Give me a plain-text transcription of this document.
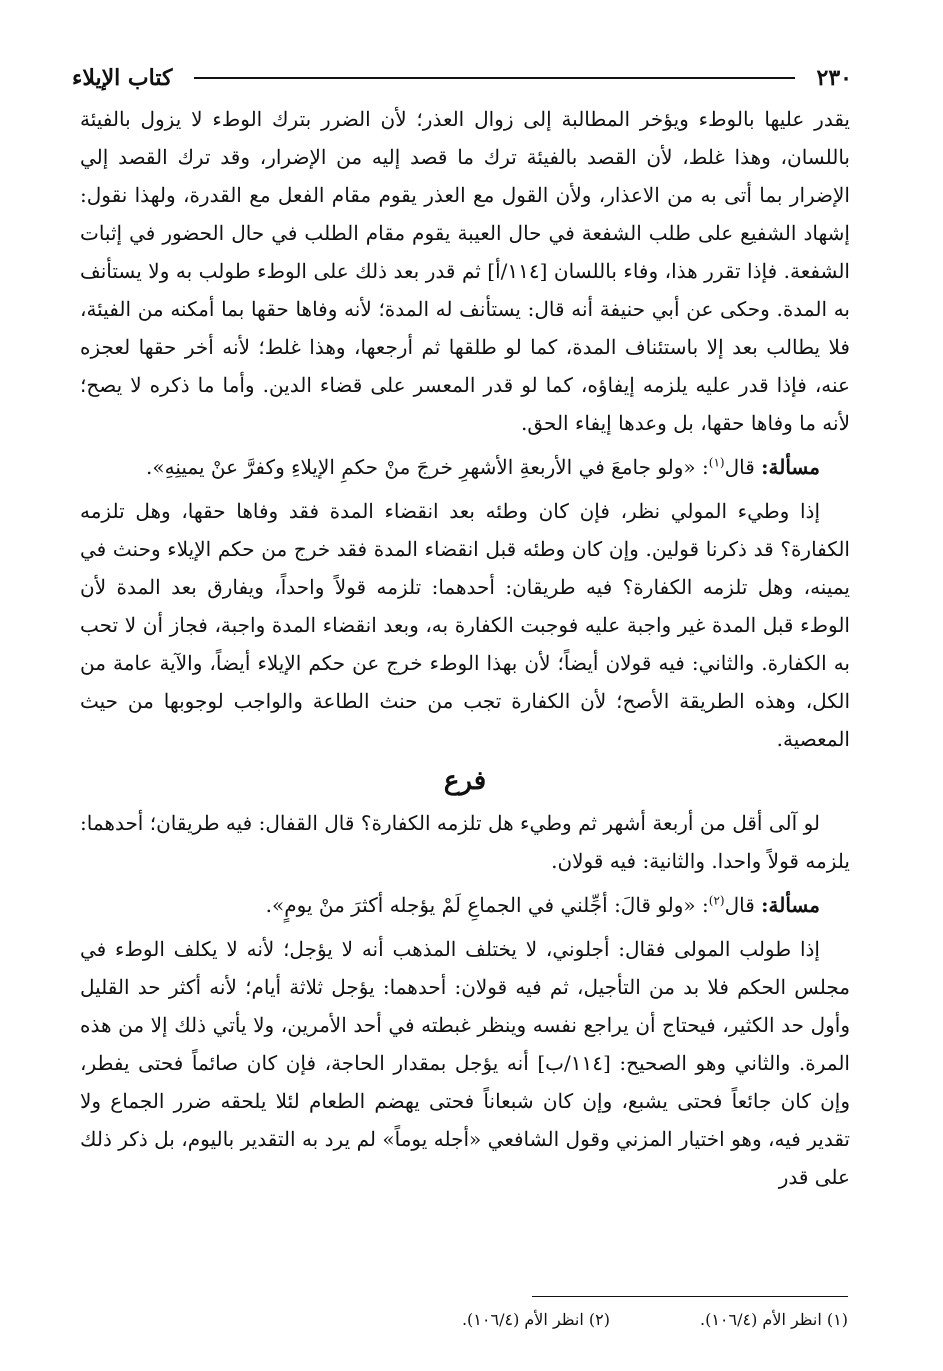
٢٣٠
كتاب الإيلاء

يقدر عليها بالوطء ويؤخر المطالبة إلى زوال العذر؛ لأن الضرر بترك الوطء لا يزول بالفيئة باللسان، وهذا غلط، لأن القصد بالفيئة ترك ما قصد إليه من الإضرار، وقد ترك القصد إلي الإضرار بما أتى به من الاعذار، ولأن القول مع العذر يقوم مقام الفعل مع القدرة، ولهذا نقول: إشهاد الشفيع على طلب الشفعة في حال العيبة يقوم مقام الطلب في حال الحضور في إثبات الشفعة. فإذا تقرر هذا، وفاء باللسان [١١٤/أ] ثم قدر بعد ذلك على الوطء طولب به ولا يستأنف به المدة. وحكى عن أبي حنيفة أنه قال: يستأنف له المدة؛ لأنه وفاها حقها بما أمكنه من الفيئة، فلا يطالب بعد إلا باستئناف المدة، كما لو طلقها ثم أرجعها، وهذا غلط؛ لأنه أخر حقها لعجزه عنه، فإذا قدر عليه يلزمه إيفاؤه، كما لو قدر المعسر على قضاء الدين. وأما ما ذكره لا يصح؛ لأنه ما وفاها حقها، بل وعدها إيفاء الحق.

مسألة: قال$^{(١)}$: «ولو جامعَ في الأربعةِ الأشهرِ خرجَ منْ حكمِ الإيلاءِ وكفرَّ عنْ يمينِهِ».

إذا وطيء المولي نظر، فإن كان وطئه بعد انقضاء المدة فقد وفاها حقها، وهل تلزمه الكفارة؟ قد ذكرنا قولين. وإن كان وطئه قبل انقضاء المدة فقد خرج من حكم الإيلاء وحنث في يمينه، وهل تلزمه الكفارة؟ فيه طريقان: أحدهما: تلزمه قولاً واحداً، ويفارق بعد المدة لأن الوطء قبل المدة غير واجبة عليه فوجبت الكفارة به، وبعد انقضاء المدة واجبة، فجاز أن لا تحب به الكفارة. والثاني: فيه قولان أيضاً؛ لأن بهذا الوطء خرج عن حكم الإيلاء أيضاً، والآية عامة من الكل، وهذه الطريقة الأصح؛ لأن الكفارة تجب من حنث الطاعة والواجب لوجوبها من حيث المعصية.

فرع

لو آلى أقل من أربعة أشهر ثم وطيء هل تلزمه الكفارة؟ قال القفال: فيه طريقان؛ أحدهما: يلزمه قولاً واحدا. والثانية: فيه قولان.

مسألة: قال$^{(٢)}$: «ولو قالَ: أجِّلني في الجماعِ لَمْ يؤجله أكثرَ منْ يومٍ».

إذا طولب المولى فقال: أجلوني، لا يختلف المذهب أنه لا يؤجل؛ لأنه لا يكلف الوطء في مجلس الحكم فلا بد من التأجيل، ثم فيه قولان: أحدهما: يؤجل ثلاثة أيام؛ لأنه أكثر حد القليل وأول حد الكثير، فيحتاج أن يراجع نفسه وينظر غبطته في أحد الأمرين، ولا يأتي ذلك إلا من هذه المرة. والثاني وهو الصحيح: [١١٤/ب] أنه يؤجل بمقدار الحاجة، فإن كان صائماً فحتى يفطر، وإن كان جائعاً فحتى يشبع، وإن كان شبعاناً فحتى يهضم الطعام لئلا يلحقه ضرر الجماع ولا تقدير فيه، وهو اختيار المزني وقول الشافعي «أجله يوماً» لم يرد به التقدير باليوم، بل ذكر ذلك على قدر

(١) انظر الأم (١٠٦/٤).
(٢) انظر الأم (١٠٦/٤).
